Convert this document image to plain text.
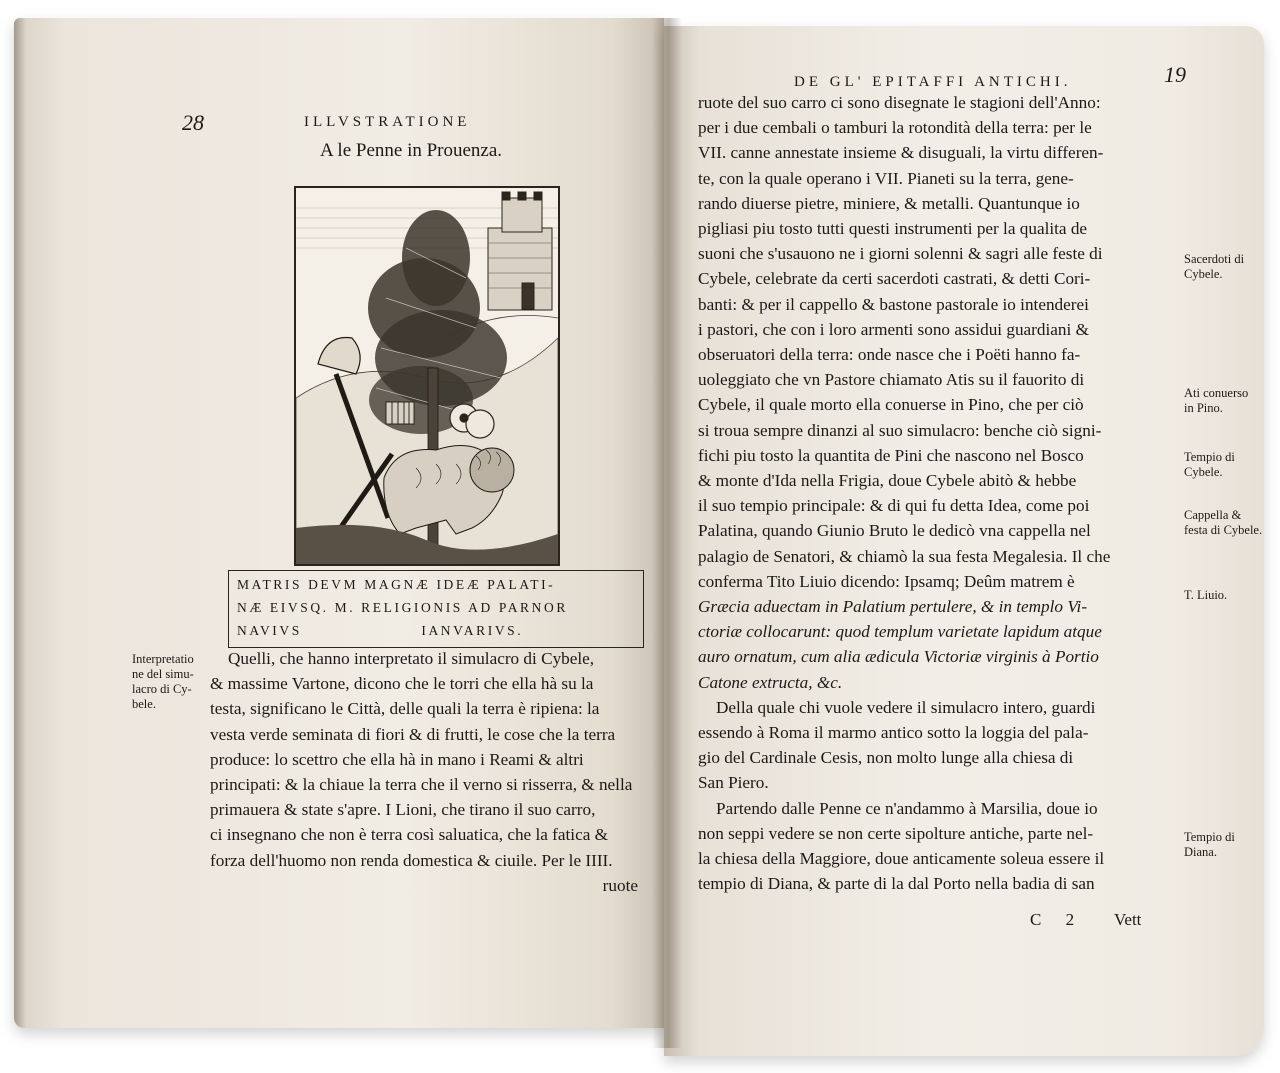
28	ILLVSTRATIONE
A le Penne in Prouenza.
MATRIS DEVM MAGNÆ IDEÆ PALATI-
NÆ EIVSQ. M. RELIGIONIS AD PARNOR
NAVIVS                    IANVARIVS.
Interpretatio
ne del simu-
lacro di Cy-
bele.
Quelli, che hanno interpretato il simulacro di Cybele,
& massime Vartone, dicono che le torri che ella hà su la
testa, significano le Città, delle quali la terra è ripiena: la
vesta verde seminata di fiori & di frutti, le cose che la terra
produce: lo scettro che ella hà in mano i Reami & altri
principati: & la chiaue la terra che il verno si risserra, & nella
primauera & state s'apre. I Lioni, che tirano il suo carro,
ci insegnano che non è terra così saluatica, che la fatica &
forza dell'huomo non renda domestica & ciuile. Per le IIII.
ruote
DE GL' EPITAFFI ANTICHI.	19
ruote del suo carro ci sono disegnate le stagioni dell'Anno:
per i due cembali o tamburi la rotondità della terra: per le
VII. canne annestate insieme & disuguali, la virtu differen-
te, con la quale operano i VII. Pianeti su la terra, gene-
rando diuerse pietre, miniere, & metalli. Quantunque io
pigliasi piu tosto tutti questi instrumenti per la qualita de
suoni che s'usauono ne i giorni solenni & sagri alle feste di
Cybele, celebrate da certi sacerdoti castrati, & detti Cori-
banti: & per il cappello & bastone pastorale io intenderei
i pastori, che con i loro armenti sono assidui guardiani &
obseruatori della terra: onde nasce che i Poëti hanno fa-
uoleggiato che vn Pastore chiamato Atis su il fauorito di
Cybele, il quale morto ella conuerse in Pino, che per ciò
si troua sempre dinanzi al suo simulacro: benche ciò signi-
fichi piu tosto la quantita de Pini che nascono nel Bosco
& monte d'Ida nella Frigia, doue Cybele abitò & hebbe
il suo tempio principale: & di qui fu detta Idea, come poi
Palatina, quando Giunio Bruto le dedicò vna cappella nel
palagio de Senatori, & chiamò la sua festa Megalesia. Il che
conferma Tito Liuio dicendo: Ipsamq; Deûm matrem è
Græcia aduectam in Palatium pertulere, & in templo Vi-
ctoriæ collocarunt: quod templum varietate lapidum atque
auro ornatum, cum alia ædicula Victoriæ virginis à Portio
Catone extructa, &c.
Della quale chi vuole vedere il simulacro intero, guardi
essendo à Roma il marmo antico sotto la loggia del pala-
gio del Cardinale Cesis, non molto lunge alla chiesa di
San Piero.
Partendo dalle Penne ce n'andammo à Marsilia, doue io
non seppi vedere se non certe sipolture antiche, parte nel-
la chiesa della Maggiore, doue anticamente soleua essere il
tempio di Diana, & parte di la dal Porto nella badia di san
C 2 Vett
Sacerdoti di
Cybele.
Ati conuerso
in Pino.
Tempio di
Cybele.
Cappella &
festa di Cybele.
T. Liuio.
Tempio di
Diana.
